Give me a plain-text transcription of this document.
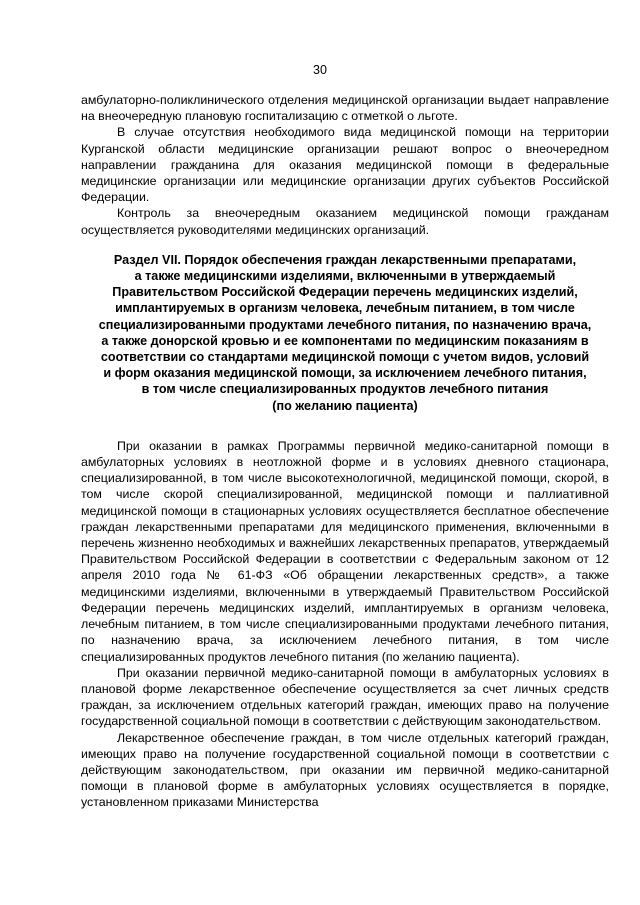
30

амбулаторно-поликлинического отделения медицинской организации выдает направление на внеочередную плановую госпитализацию с отметкой о льготе.

В случае отсутствия необходимого вида медицинской помощи на территории Курганской области медицинские организации решают вопрос о внеочередном направлении гражданина для оказания медицинской помощи в федеральные медицинские организации или медицинские организации других субъектов Российской Федерации.

Контроль за внеочередным оказанием медицинской помощи гражданам осуществляется руководителями медицинских организаций.

Раздел VII. Порядок обеспечения граждан лекарственными препаратами,
а также медицинскими изделиями, включенными в утверждаемый
Правительством Российской Федерации перечень медицинских изделий,
имплантируемых в организм человека, лечебным питанием, в том числе
специализированными продуктами лечебного питания, по назначению врача,
а также донорской кровью и ее компонентами по медицинским показаниям в
соответствии со стандартами медицинской помощи с учетом видов, условий
и форм оказания медицинской помощи, за исключением лечебного питания,
в том числе специализированных продуктов лечебного питания
(по желанию пациента)

При оказании в рамках Программы первичной медико-санитарной помощи в амбулаторных условиях в неотложной форме и в условиях дневного стационара, специализированной, в том числе высокотехнологичной, медицинской помощи, скорой, в том числе скорой специализированной, медицинской помощи и паллиативной медицинской помощи в стационарных условиях осуществляется бесплатное обеспечение граждан лекарственными препаратами для медицинского применения, включенными в перечень жизненно необходимых и важнейших лекарственных препаратов, утверждаемый Правительством Российской Федерации в соответствии с Федеральным законом от 12 апреля 2010 года № 61-ФЗ «Об обращении лекарственных средств», а также медицинскими изделиями, включенными в утверждаемый Правительством Российской Федерации перечень медицинских изделий, имплантируемых в организм человека, лечебным питанием, в том числе специализированными продуктами лечебного питания, по назначению врача, за исключением лечебного питания, в том числе специализированных продуктов лечебного питания (по желанию пациента).

При оказании первичной медико-санитарной помощи в амбулаторных условиях в плановой форме лекарственное обеспечение осуществляется за счет личных средств граждан, за исключением отдельных категорий граждан, имеющих право на получение государственной социальной помощи в соответствии с действующим законодательством.

Лекарственное обеспечение граждан, в том числе отдельных категорий граждан, имеющих право на получение государственной социальной помощи в соответствии с действующим законодательством, при оказании им первичной медико-санитарной помощи в плановой форме в амбулаторных условиях осуществляется в порядке, установленном приказами Министерства
